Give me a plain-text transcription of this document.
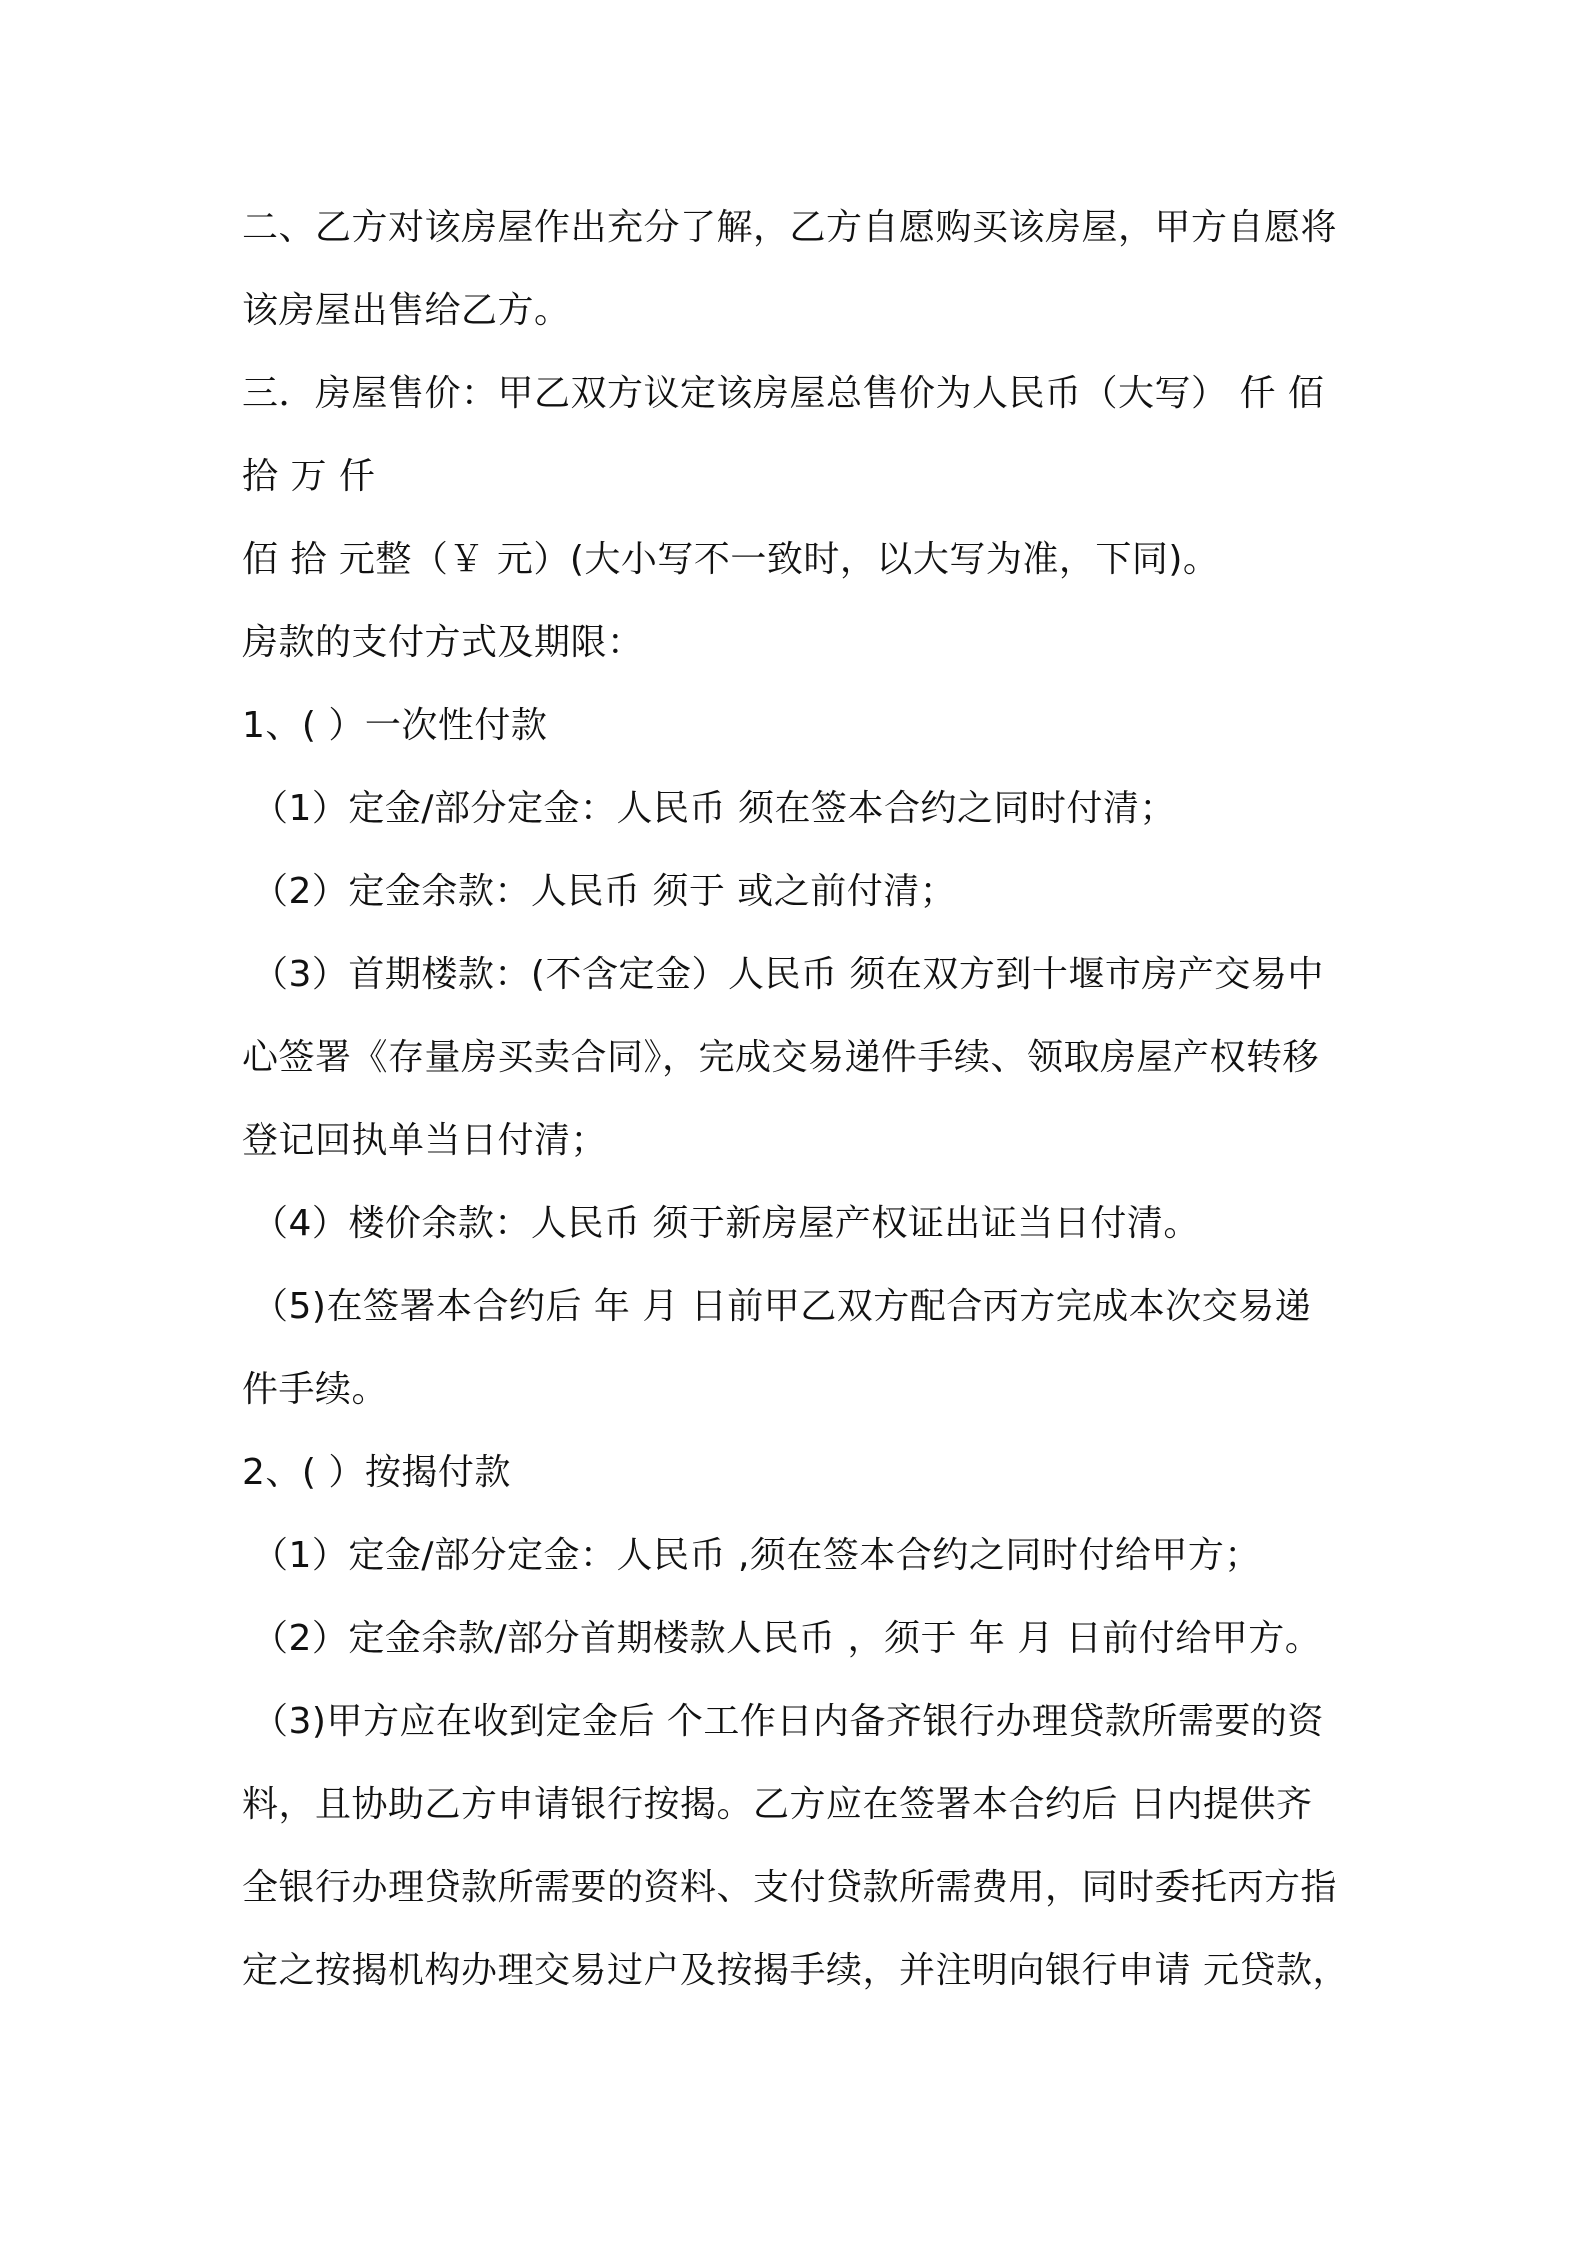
二、乙方对该房屋作出充分了解，乙方自愿购买该房屋，甲方自愿将
该房屋出售给乙方。
三．房屋售价：甲乙双方议定该房屋总售价为人民币（大写） 仟 佰
拾 万 仟
佰 拾 元整（￥ 元）(大小写不一致时，以大写为准，下同)。
房款的支付方式及期限：
1、( ）一次性付款
（1）定金/部分定金：人民币 须在签本合约之同时付清；
（2）定金余款：人民币 须于 或之前付清；
（3）首期楼款：(不含定金）人民币 须在双方到十堰市房产交易中
心签署《存量房买卖合同》，完成交易递件手续、领取房屋产权转移
登记回执单当日付清；
（4）楼价余款：人民币 须于新房屋产权证出证当日付清。
（5)在签署本合约后 年 月 日前甲乙双方配合丙方完成本次交易递
件手续。
2、( ）按揭付款
（1）定金/部分定金：人民币 ,须在签本合约之同时付给甲方；
（2）定金余款/部分首期楼款人民币 ，须于 年 月 日前付给甲方。
（3)甲方应在收到定金后 个工作日内备齐银行办理贷款所需要的资
料，且协助乙方申请银行按揭。乙方应在签署本合约后 日内提供齐
全银行办理贷款所需要的资料、支付贷款所需费用，同时委托丙方指
定之按揭机构办理交易过户及按揭手续，并注明向银行申请 元贷款，
